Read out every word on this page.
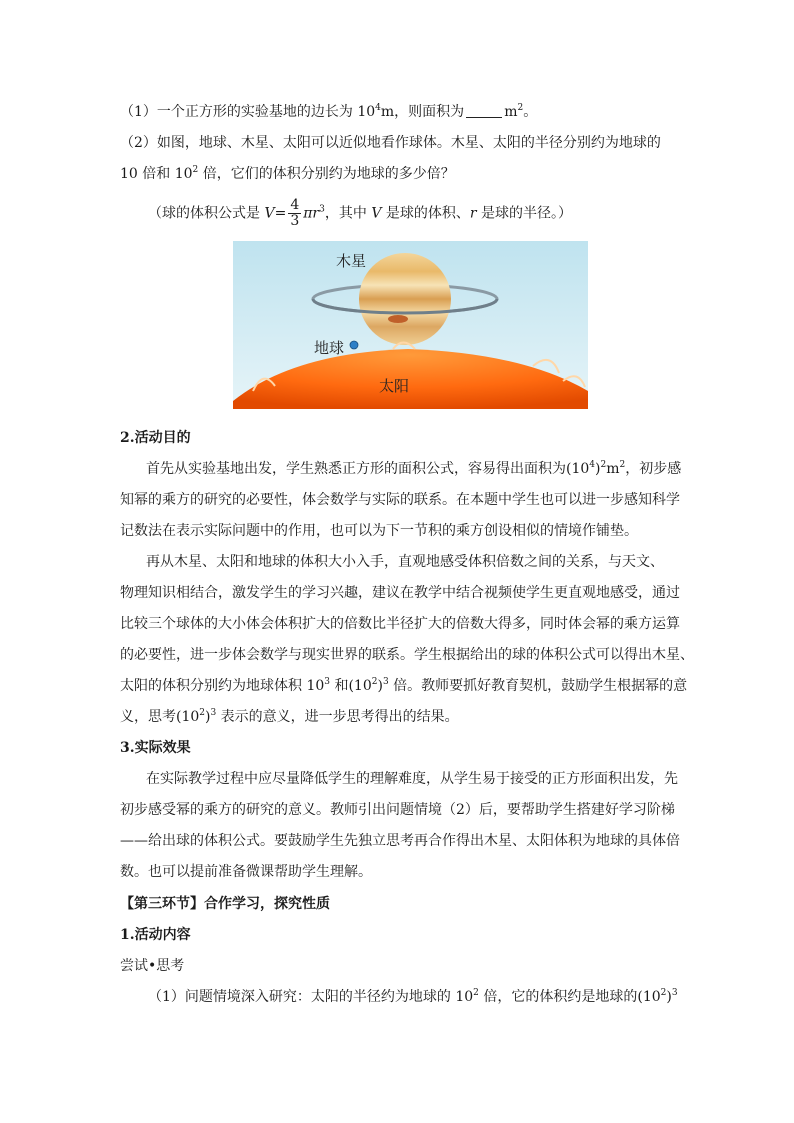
（1）一个正方形的实验基地的边长为 $10^4m$，则面积为	$m^2$。
（2）如图，地球、木星、太阳可以近似地看作球体。木星、太阳的半径分别约为地球的
10 倍和 $10^2$ 倍，它们的体积分别约为地球的多少倍？
（球的体积公式是 $V= \frac{4}{3} \pi r^3$，其中 V 是球的体积、r 是球的半径。）
木星
地球
太阳
2.活动目的
首先从实验基地出发，学生熟悉正方形的面积公式，容易得出面积为$(10^4)^2m^2$，初步感
知幂的乘方的研究的必要性，体会数学与实际的联系。在本题中学生也可以进一步感知科学
记数法在表示实际问题中的作用，也可以为下一节积的乘方创设相似的情境作铺垫。
再从木星、太阳和地球的体积大小入手，直观地感受体积倍数之间的关系，与天文、
物理知识相结合，激发学生的学习兴趣，建议在教学中结合视频使学生更直观地感受，通过
比较三个球体的大小体会体积扩大的倍数比半径扩大的倍数大得多，同时体会幂的乘方运算
的必要性，进一步体会数学与现实世界的联系。学生根据给出的球的体积公式可以得出木星、
太阳的体积分别约为地球体积 $10^3$ 和$(10^2)^3$ 倍。教师要抓好教育契机，鼓励学生根据幂的意
义，思考$(10^2)^3$ 表示的意义，进一步思考得出的结果。
3.实际效果
在实际教学过程中应尽量降低学生的理解难度，从学生易于接受的正方形面积出发，先
初步感受幂的乘方的研究的意义。教师引出问题情境（2）后，要帮助学生搭建好学习阶梯
——给出球的体积公式。要鼓励学生先独立思考再合作得出木星、太阳体积为地球的具体倍
数。也可以提前准备微课帮助学生理解。
【第三环节】合作学习，探究性质
1.活动内容
尝试•思考
（1）问题情境深入研究：太阳的半径约为地球的 $10^2$ 倍，它的体积约是地球的$(10^2)^3$
